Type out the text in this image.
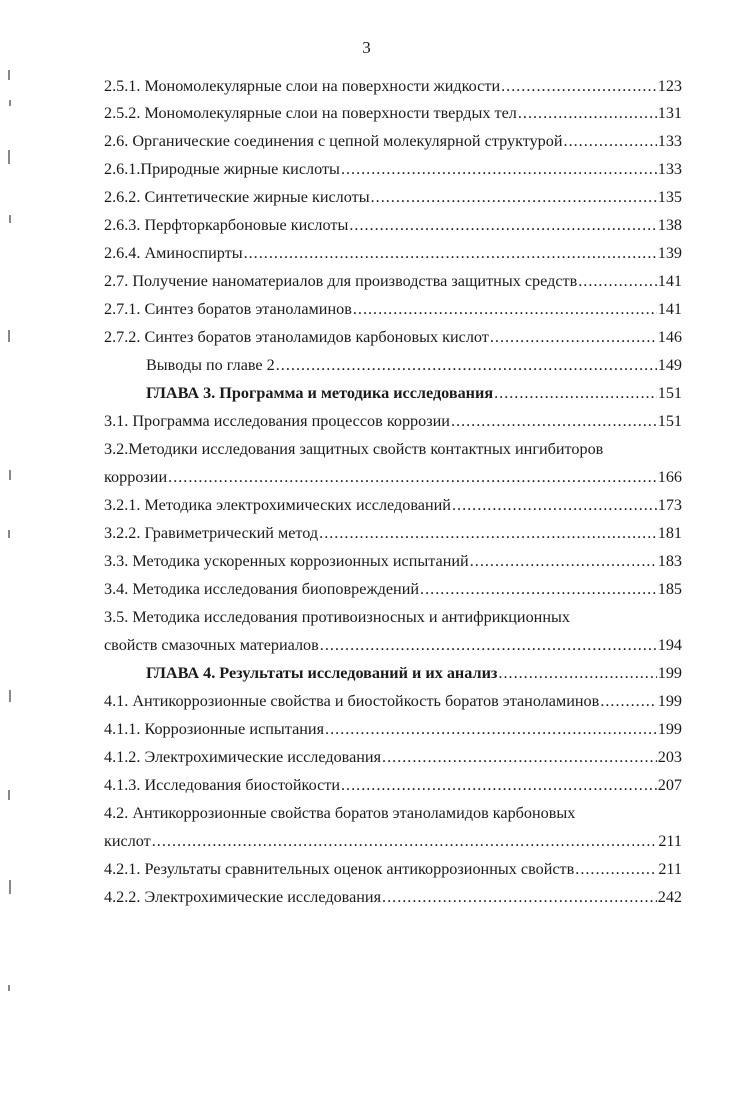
3
2.5.1. Мономолекулярные слои на поверхности жидкости .....	123
2.5.2. Мономолекулярные слои на поверхности твердых тел .....	131
2.6. Органические соединения с цепной молекулярной структурой .....	133
2.6.1.Природные жирные кислоты .....	133
2.6.2. Синтетические жирные кислоты .....	135
2.6.3. Перфторкарбоновые кислоты .....	138
2.6.4. Аминоспирты .....	139
2.7. Получение наноматериалов для производства защитных средств .....	141
2.7.1. Синтез боратов этаноламинов .....	141
2.7.2. Синтез боратов этаноламидов карбоновых кислот .....	146
Выводы по главе 2 .....	149
ГЛАВА 3. Программа и методика исследования .....	151
3.1. Программа исследования процессов коррозии .....	151
3.2.Методики исследования защитных свойств контактных ингибиторов
коррозии .....	166
3.2.1. Методика электрохимических исследований .....	173
3.2.2. Гравиметрический метод .....	181
3.3. Методика ускоренных коррозионных испытаний .....	183
3.4. Методика исследования биоповреждений .....	185
3.5. Методика исследования противоизносных и антифрикционных
свойств смазочных материалов .....	194
ГЛАВА 4. Результаты исследований и их анализ .....	199
4.1. Антикоррозионные свойства и биостойкость боратов этаноламинов .....	199
4.1.1. Коррозионные испытания .....	199
4.1.2. Электрохимические исследования .....	203
4.1.3. Исследования биостойкости .....	207
4.2. Антикоррозионные свойства боратов этаноламидов карбоновых
кислот .....	211
4.2.1. Результаты сравнительных оценок антикоррозионных свойств .....	211
4.2.2. Электрохимические исследования .....	242
